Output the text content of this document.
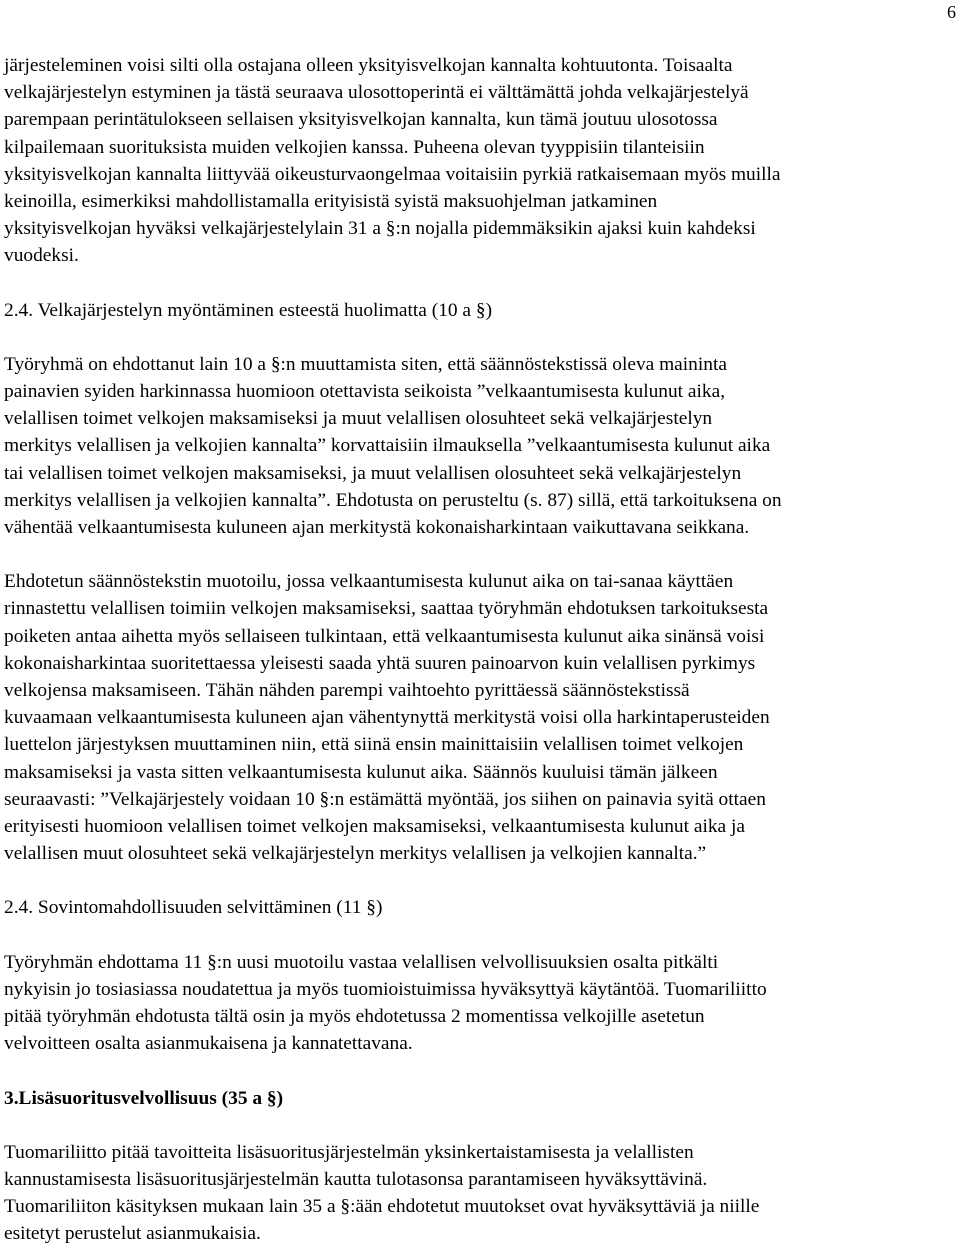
6

järjesteleminen voisi silti olla ostajana olleen yksityisvelkojan kannalta kohtuutonta. Toisaalta
velkajärjestelyn estyminen ja tästä seuraava ulosottoperintä ei välttämättä johda velkajärjestelyä
parempaan perintätulokseen sellaisen yksityisvelkojan kannalta, kun tämä joutuu ulosotossa
kilpailemaan suorituksista muiden velkojien kanssa. Puheena olevan tyyppisiin tilanteisiin
yksityisvelkojan kannalta liittyvää oikeusturvaongelmaa voitaisiin pyrkiä ratkaisemaan myös muilla
keinoilla, esimerkiksi mahdollistamalla erityisistä syistä maksuohjelman jatkaminen
yksityisvelkojan hyväksi velkajärjestelylain 31 a §:n nojalla pidemmäksikin ajaksi kuin kahdeksi
vuodeksi.

2.4. Velkajärjestelyn myöntäminen esteestä huolimatta (10 a §)

Työryhmä on ehdottanut lain 10 a §:n muuttamista siten, että säännöstekstissä oleva maininta
painavien syiden harkinnassa huomioon otettavista seikoista ”velkaantumisesta kulunut aika,
velallisen toimet velkojen maksamiseksi ja muut velallisen olosuhteet sekä velkajärjestelyn
merkitys velallisen ja velkojien kannalta” korvattaisiin ilmauksella ”velkaantumisesta kulunut aika
tai velallisen toimet velkojen maksamiseksi, ja muut velallisen olosuhteet sekä velkajärjestelyn
merkitys velallisen ja velkojien kannalta”. Ehdotusta on perusteltu (s. 87) sillä, että tarkoituksena on
vähentää velkaantumisesta kuluneen ajan merkitystä kokonaisharkintaan vaikuttavana seikkana.

Ehdotetun säännöstekstin muotoilu, jossa velkaantumisesta kulunut aika on tai-sanaa käyttäen
rinnastettu velallisen toimiin velkojen maksamiseksi, saattaa työryhmän ehdotuksen tarkoituksesta
poiketen antaa aihetta myös sellaiseen tulkintaan, että velkaantumisesta kulunut aika sinänsä voisi
kokonaisharkintaa suoritettaessa yleisesti saada yhtä suuren painoarvon kuin velallisen pyrkimys
velkojensa maksamiseen. Tähän nähden parempi vaihtoehto pyrittäessä säännöstekstissä
kuvaamaan velkaantumisesta kuluneen ajan vähentynyttä merkitystä voisi olla harkintaperusteiden
luettelon järjestyksen muuttaminen niin, että siinä ensin mainittaisiin velallisen toimet velkojen
maksamiseksi ja vasta sitten velkaantumisesta kulunut aika. Säännös kuuluisi tämän jälkeen
seuraavasti: ”Velkajärjestely voidaan 10 §:n estämättä myöntää, jos siihen on painavia syitä ottaen
erityisesti huomioon velallisen toimet velkojen maksamiseksi, velkaantumisesta kulunut aika ja
velallisen muut olosuhteet sekä velkajärjestelyn merkitys velallisen ja velkojien kannalta.”

2.4. Sovintomahdollisuuden selvittäminen (11 §)

Työryhmän ehdottama 11 §:n uusi muotoilu vastaa velallisen velvollisuuksien osalta pitkälti
nykyisin jo tosiasiassa noudatettua ja myös tuomioistuimissa hyväksyttyä käytäntöä. Tuomariliitto
pitää työryhmän ehdotusta tältä osin ja myös ehdotetussa 2 momentissa velkojille asetetun
velvoitteen osalta asianmukaisena ja kannatettavana.

3.Lisäsuoritusvelvollisuus (35 a §)

Tuomariliitto pitää tavoitteita lisäsuoritusjärjestelmän yksinkertaistamisesta ja velallisten
kannustamisesta lisäsuoritusjärjestelmän kautta tulotasonsa parantamiseen hyväksyttävinä.
Tuomariliiton käsityksen mukaan lain 35 a §:ään ehdotetut muutokset ovat hyväksyttäviä ja niille
esitetyt perustelut asianmukaisia.
